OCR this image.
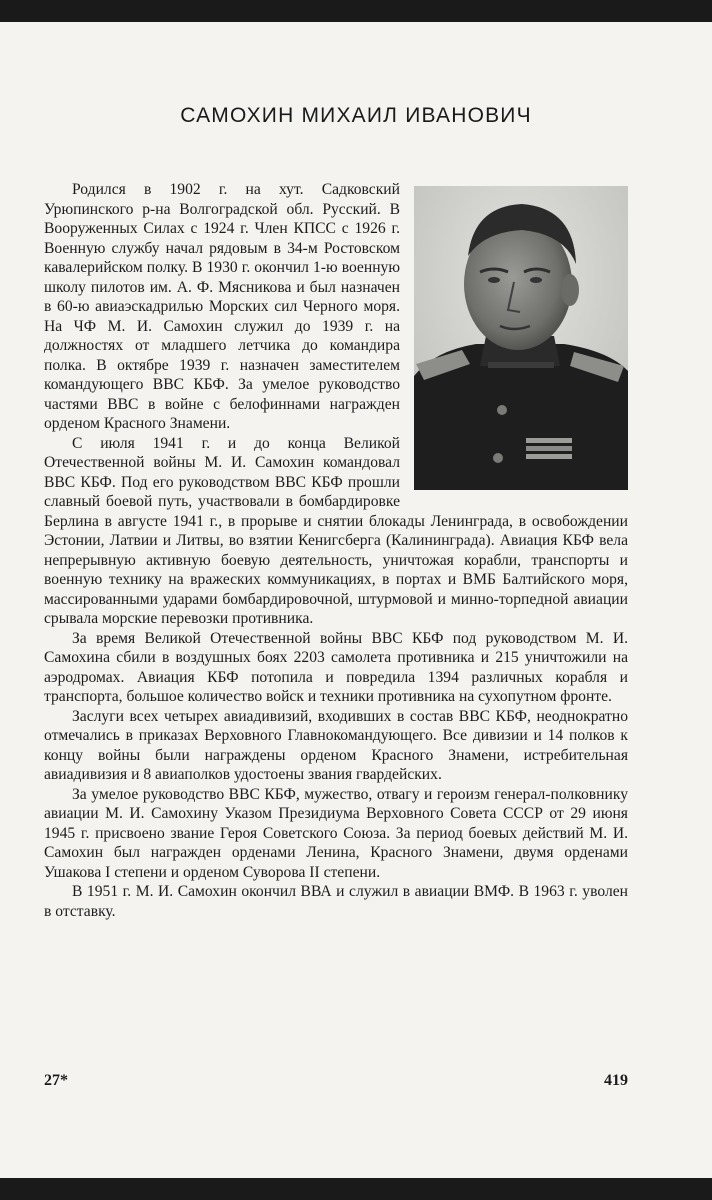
САМОХИН МИХАИЛ ИВАНОВИЧ

Родился в 1902 г. на хут. Садковский Урюпинского р-на Волгоградской обл. Русский. В Вооруженных Силах с 1924 г. Член КПСС с 1926 г. Военную службу начал рядовым в 34-м Ростовском кавалерийском полку. В 1930 г. окончил 1-ю военную школу пилотов им. А. Ф. Мясникова и был назначен в 60-ю авиаэскадрилью Морских сил Черного моря. На ЧФ М. И. Самохин служил до 1939 г. на должностях от младшего летчика до командира полка. В октябре 1939 г. назначен заместителем командующего ВВС КБФ. За умелое руководство частями ВВС в войне с белофиннами награжден орденом Красного Знамени.

С июля 1941 г. и до конца Великой Отечественной войны М. И. Самохин командовал ВВС КБФ. Под его руководством ВВС КБФ прошли славный боевой путь, участвовали в бомбардировке Берлина в августе 1941 г., в прорыве и снятии блокады Ленинграда, в освобождении Эстонии, Латвии и Литвы, во взятии Кенигсберга (Калининграда). Авиация КБФ вела непрерывную активную боевую деятельность, уничтожая корабли, транспорты и военную технику на вражеских коммуникациях, в портах и ВМБ Балтийского моря, массированными ударами бомбардировочной, штурмовой и минно-торпедной авиации срывала морские перевозки противника.

За время Великой Отечественной войны ВВС КБФ под руководством М. И. Самохина сбили в воздушных боях 2203 самолета противника и 215 уничтожили на аэродромах. Авиация КБФ потопила и повредила 1394 различных корабля и транспорта, большое количество войск и техники противника на сухопутном фронте.

Заслуги всех четырех авиадивизий, входивших в состав ВВС КБФ, неоднократно отмечались в приказах Верховного Главнокомандующего. Все дивизии и 14 полков к концу войны были награждены орденом Красного Знамени, истребительная авиадивизия и 8 авиаполков удостоены звания гвардейских.

За умелое руководство ВВС КБФ, мужество, отвагу и героизм генерал-полковнику авиации М. И. Самохину Указом Президиума Верховного Совета СССР от 29 июня 1945 г. присвоено звание Героя Советского Союза. За период боевых действий М. И. Самохин был награжден орденами Ленина, Красного Знамени, двумя орденами Ушакова I степени и орденом Суворова II степени.

В 1951 г. М. И. Самохин окончил ВВА и служил в авиации ВМФ. В 1963 г. уволен в отставку.

27*	419
